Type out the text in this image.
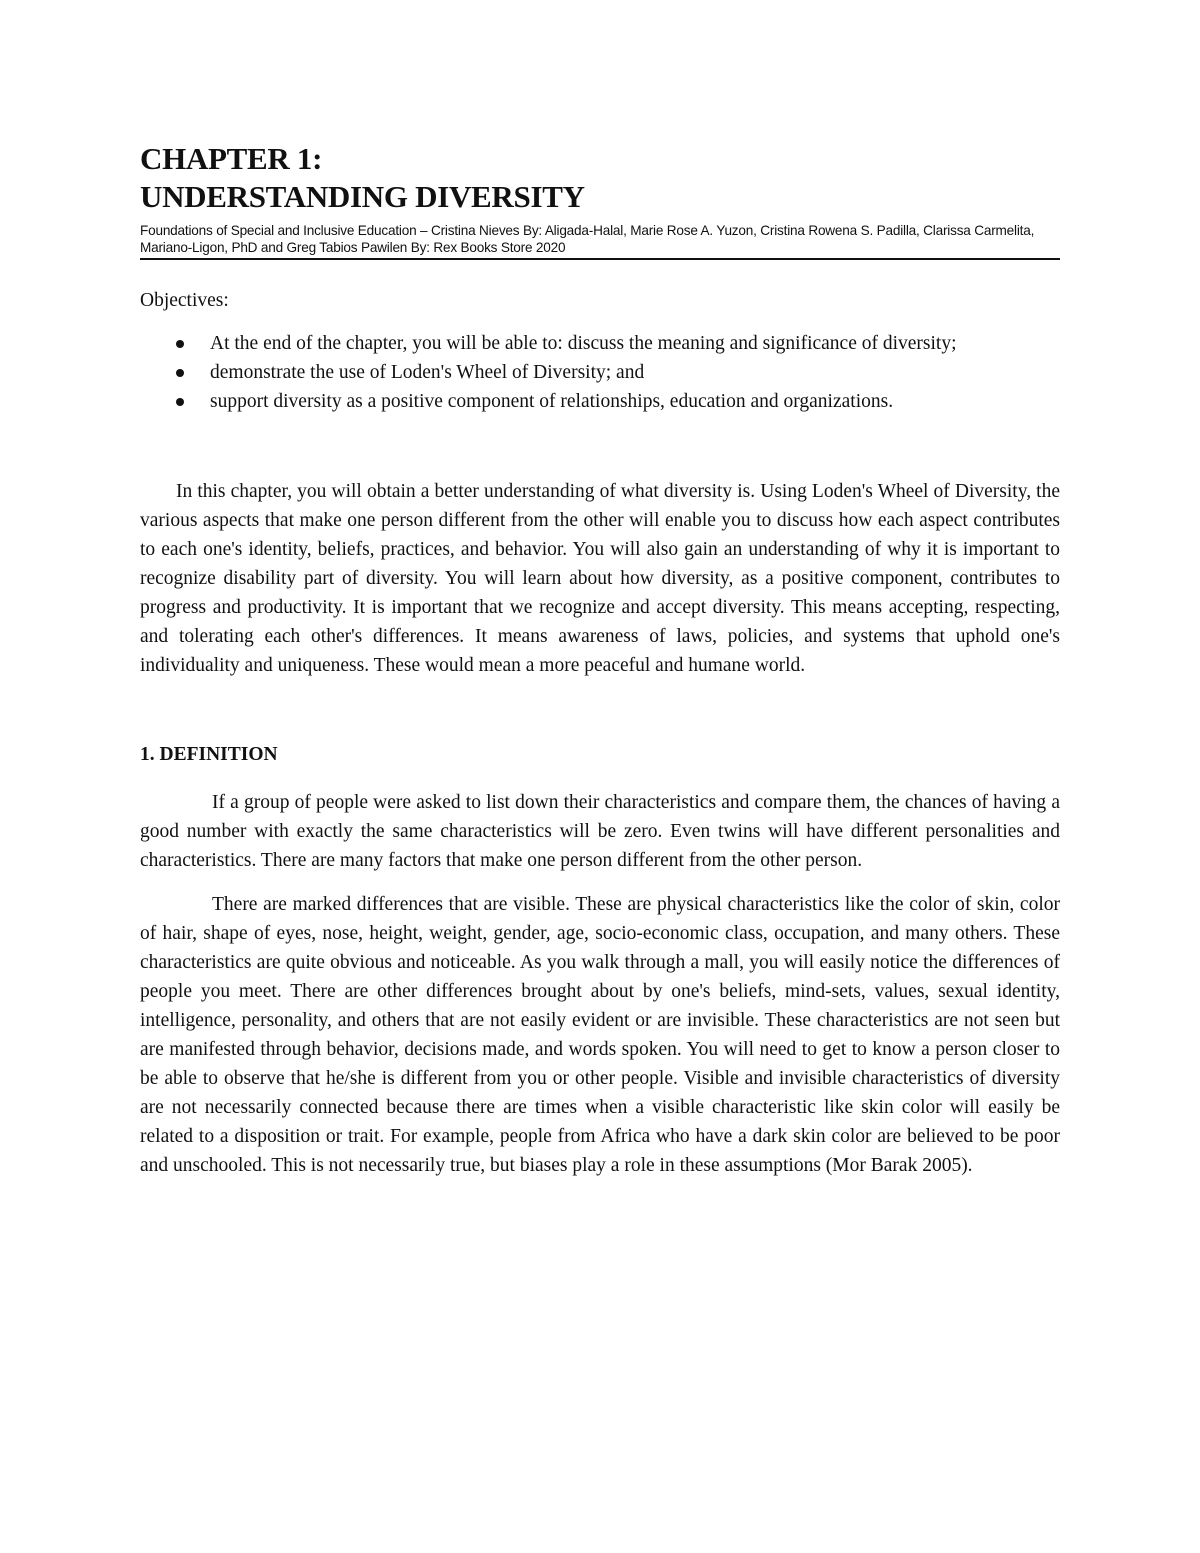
CHAPTER 1:
UNDERSTANDING DIVERSITY
Foundations of Special and Inclusive Education – Cristina Nieves By: Aligada-Halal, Marie Rose A. Yuzon, Cristina Rowena S. Padilla, Clarissa Carmelita, Mariano-Ligon, PhD and Greg Tabios Pawilen By: Rex Books Store 2020
Objectives:
At the end of the chapter, you will be able to: discuss the meaning and significance of diversity;
demonstrate the use of Loden's Wheel of Diversity; and
support diversity as a positive component of relationships, education and organizations.

In this chapter, you will obtain a better understanding of what diversity is. Using Loden's Wheel of Diversity, the various aspects that make one person different from the other will enable you to discuss how each aspect contributes to each one's identity, beliefs, practices, and behavior. You will also gain an understanding of why it is important to recognize disability part of diversity. You will learn about how diversity, as a positive component, contributes to progress and productivity. It is important that we recognize and accept diversity. This means accepting, respecting, and tolerating each other's differences. It means awareness of laws, policies, and systems that uphold one's individuality and uniqueness. These would mean a more peaceful and humane world.

1. DEFINITION

If a group of people were asked to list down their characteristics and compare them, the chances of having a good number with exactly the same characteristics will be zero. Even twins will have different personalities and characteristics. There are many factors that make one person different from the other person.

There are marked differences that are visible. These are physical characteristics like the color of skin, color of hair, shape of eyes, nose, height, weight, gender, age, socio-economic class, occupation, and many others. These characteristics are quite obvious and noticeable. As you walk through a mall, you will easily notice the differences of people you meet. There are other differences brought about by one's beliefs, mind-sets, values, sexual identity, intelligence, personality, and others that are not easily evident or are invisible. These characteristics are not seen but are manifested through behavior, decisions made, and words spoken. You will need to get to know a person closer to be able to observe that he/she is different from you or other people. Visible and invisible characteristics of diversity are not necessarily connected because there are times when a visible characteristic like skin color will easily be related to a disposition or trait. For example, people from Africa who have a dark skin color are believed to be poor and unschooled. This is not necessarily true, but biases play a role in these assumptions (Mor Barak 2005).
